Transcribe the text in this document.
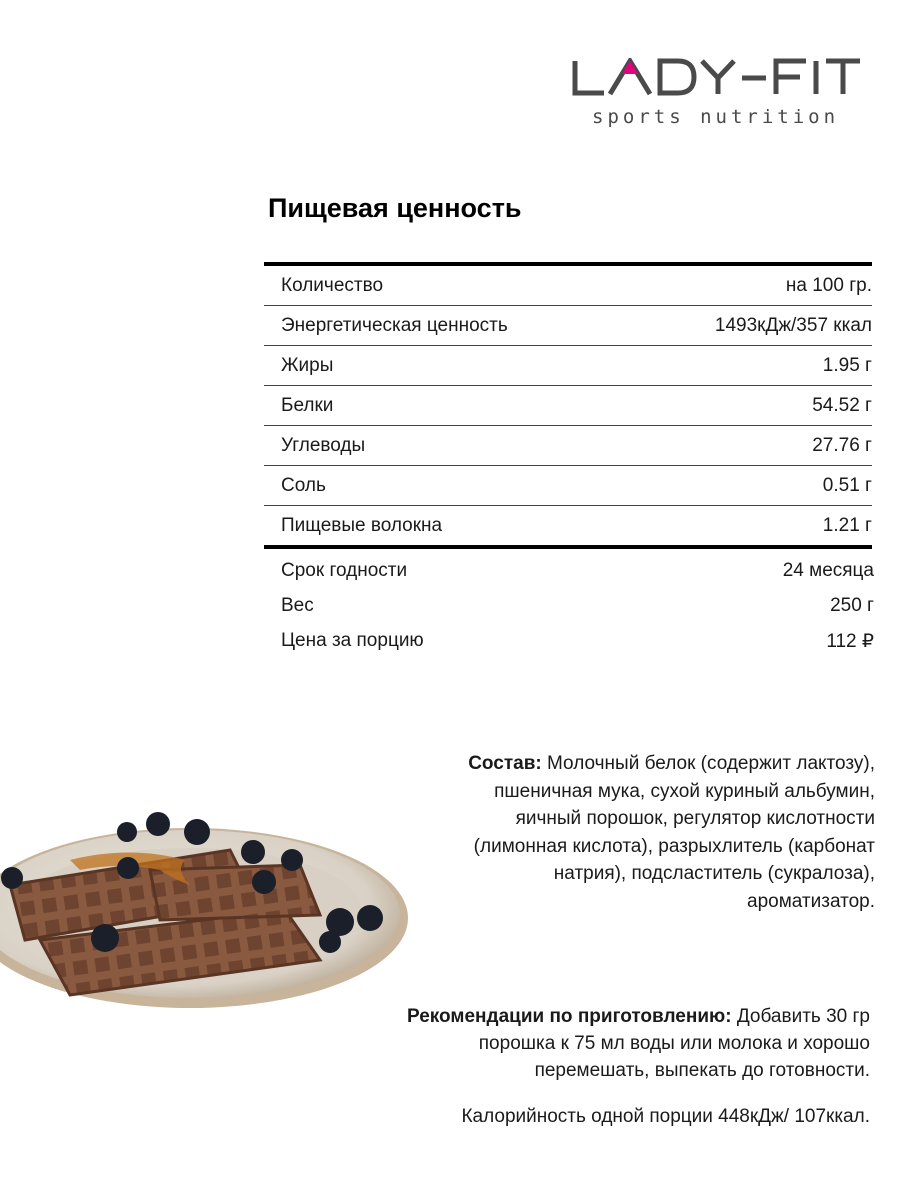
sports nutrition
Пищевая ценность
Количество	на 100 гр.
Энергетическая ценность	1493кДж/357 ккал
Жиры	1.95 г
Белки	54.52 г
Углеводы	27.76 г
Соль	0.51 г
Пищевые волокна	1.21 г
Срок годности	24 месяца
Вес	250 г
Цена за порцию	112 ₽
Состав: Молочный белок (содержит лактозу), пшеничная мука, сухой куриный альбумин, яичный порошок, регулятор кислотности (лимонная кислота), разрыхлитель (карбонат натрия), подсластитель (сукралоза), ароматизатор.
Рекомендации по приготовлению: Добавить 30 гр порошка к 75 мл воды или молока и хорошо перемешать, выпекать до готовности.
Калорийность одной порции 448кДж/ 107ккал.
